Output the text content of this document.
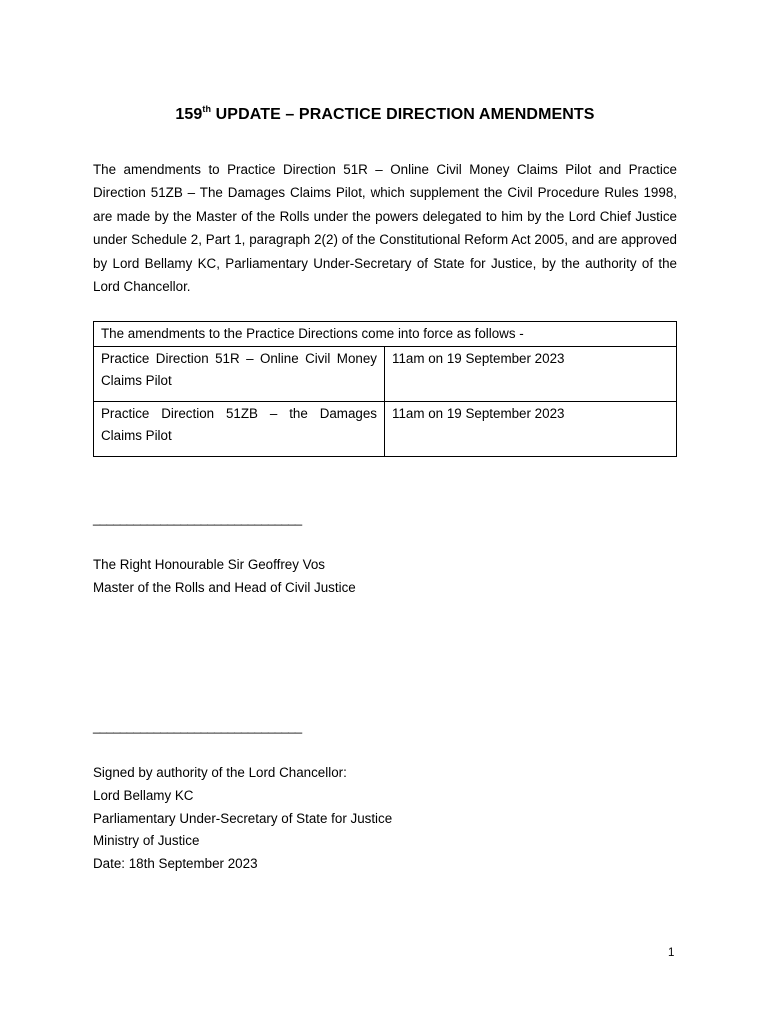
159th UPDATE – PRACTICE DIRECTION AMENDMENTS

The amendments to Practice Direction 51R – Online Civil Money Claims Pilot and Practice Direction 51ZB – The Damages Claims Pilot, which supplement the Civil Procedure Rules 1998, are made by the Master of the Rolls under the powers delegated to him by the Lord Chief Justice under Schedule 2, Part 1, paragraph 2(2) of the Constitutional Reform Act 2005, and are approved by Lord Bellamy KC, Parliamentary Under-Secretary of State for Justice, by the authority of the Lord Chancellor.

The amendments to the Practice Directions come into force as follows -	
Practice Direction 51R – Online Civil Money Claims Pilot	11am on 19 September 2023
Practice Direction 51ZB – the Damages Claims Pilot	11am on 19 September 2023
_______________________________
The Right Honourable Sir Geoffrey Vos
Master of the Rolls and Head of Civil Justice
_______________________________
Signed by authority of the Lord Chancellor:
Lord Bellamy KC
Parliamentary Under-Secretary of State for Justice
Ministry of Justice
Date: 18th September 2023
1
